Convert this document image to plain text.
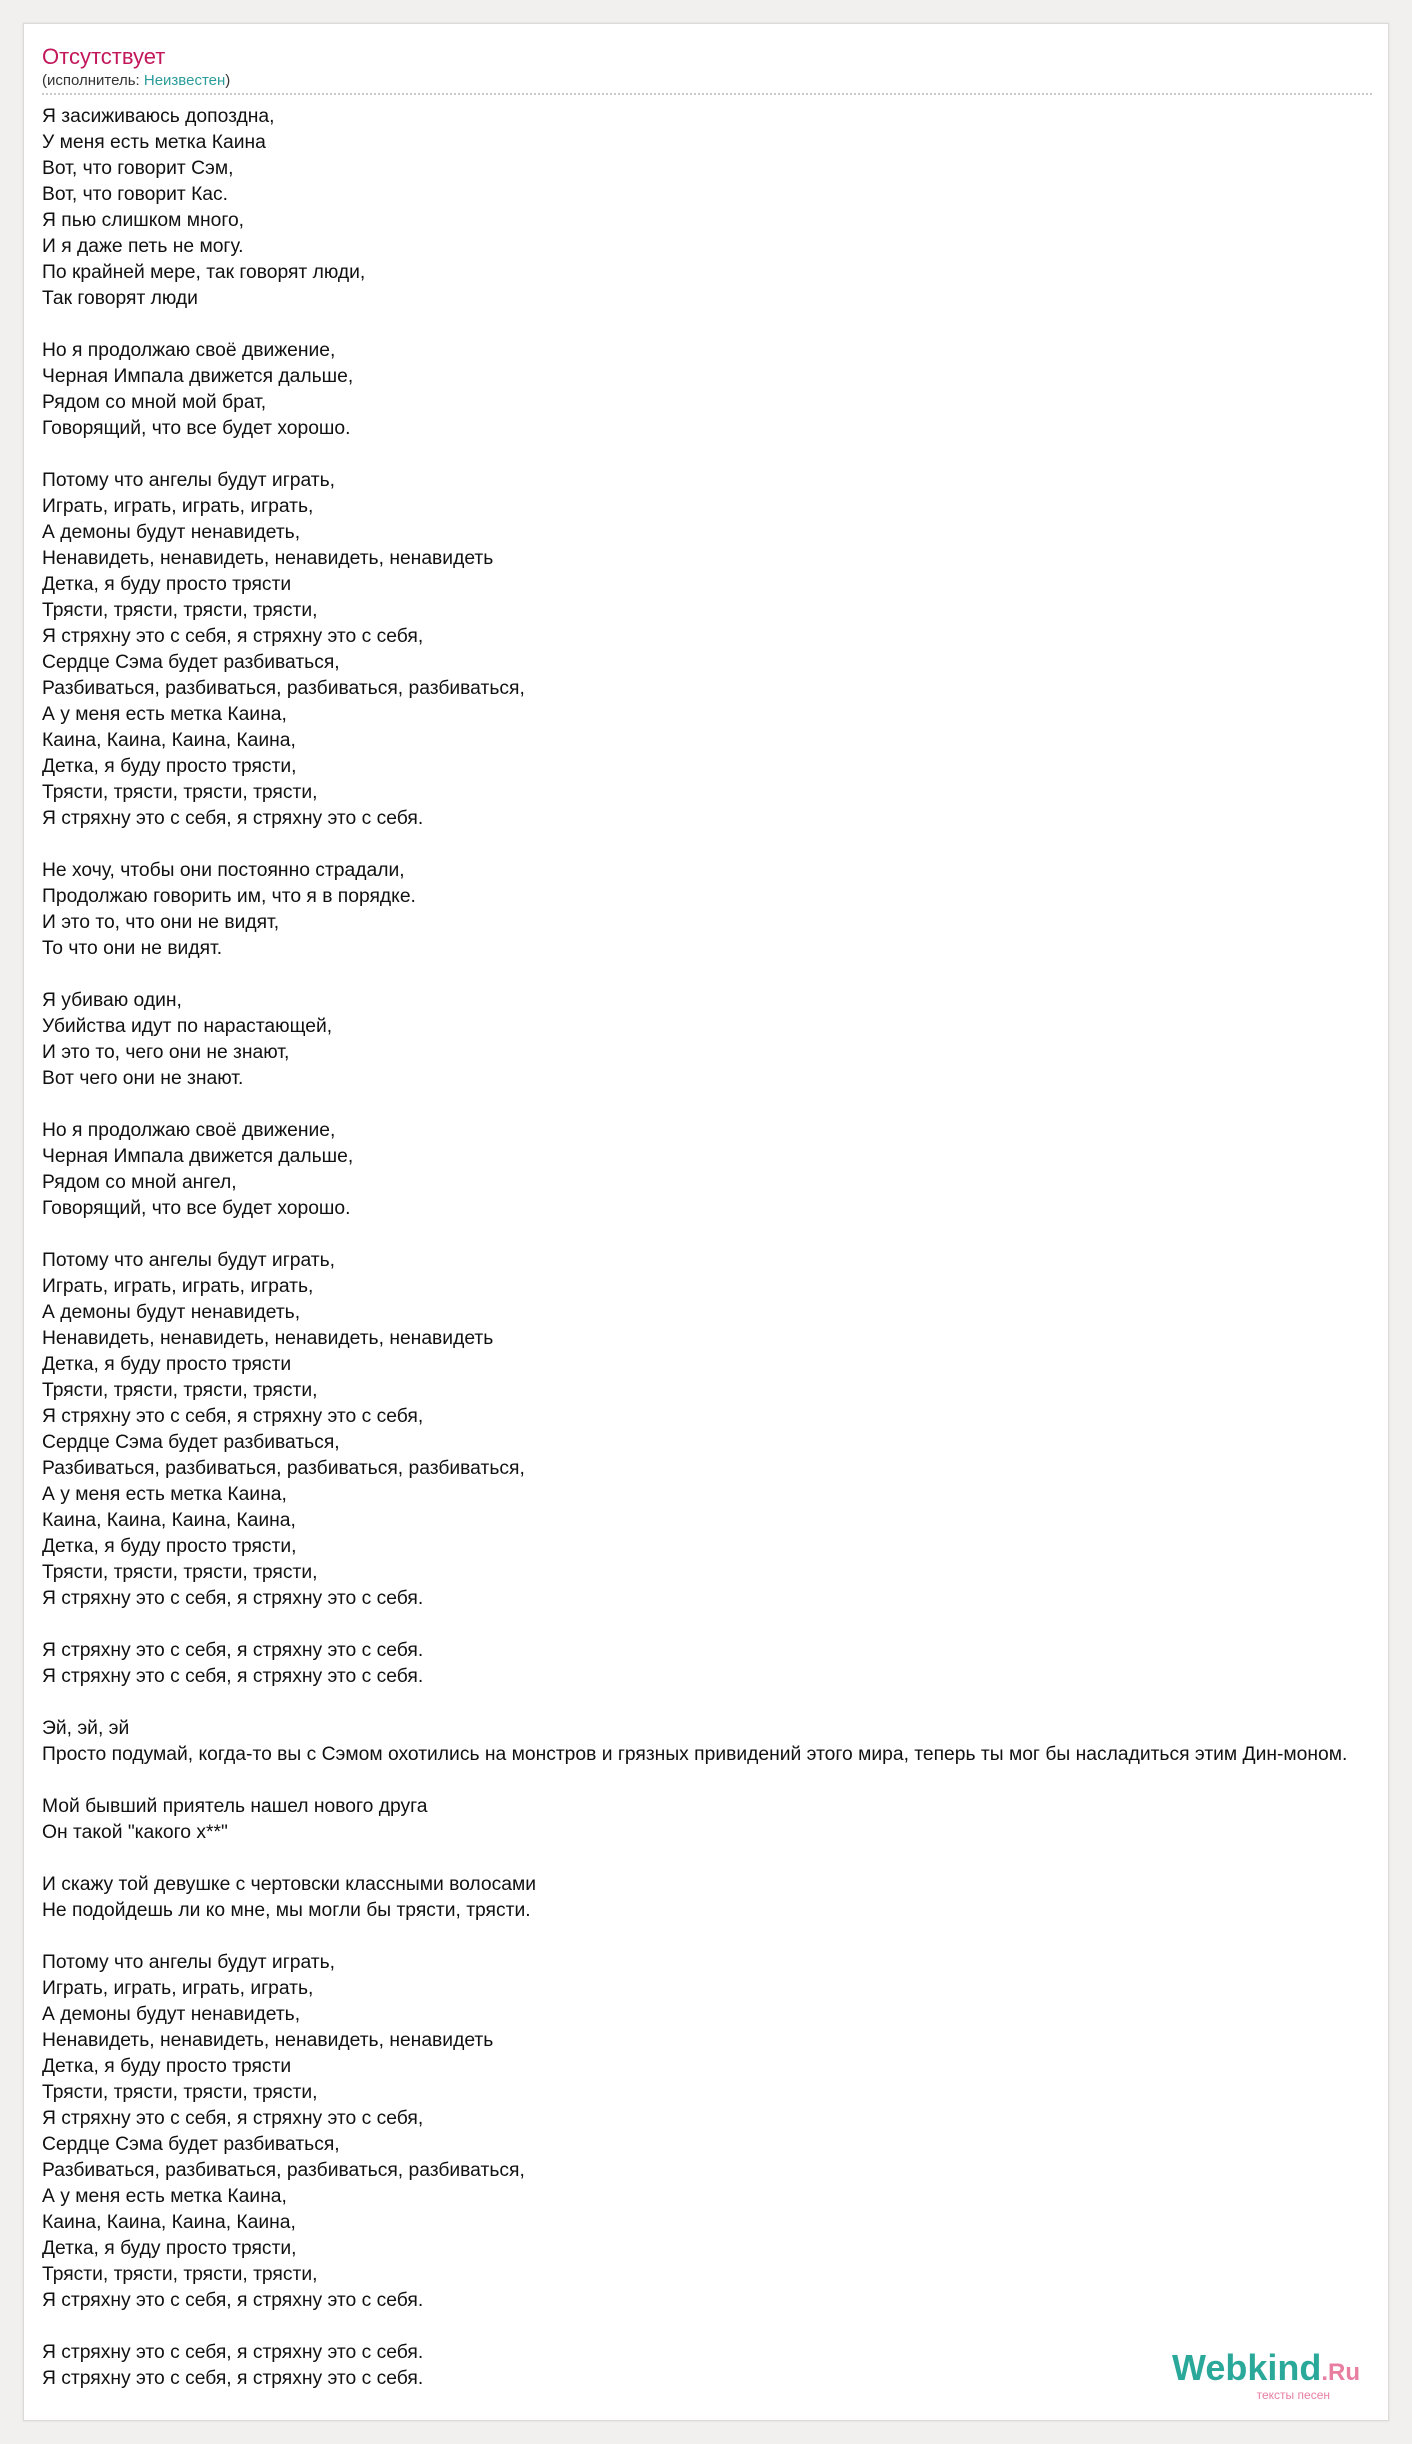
Отсутствует
(исполнитель: Неизвестен)
Я засиживаюсь допоздна,
У меня есть метка Каина
Вот, что говорит Сэм,
Вот, что говорит Кас.
Я пью слишком много,
И я даже петь не могу.
По крайней мере, так говорят люди,
Так говорят люди
Но я продолжаю своё движение,
Черная Импала движется дальше,
Рядом со мной мой брат,
Говорящий, что все будет хорошо.
Потому что ангелы будут играть,
Играть, играть, играть, играть,
А демоны будут ненавидеть,
Ненавидеть, ненавидеть, ненавидеть, ненавидеть
Детка, я буду просто трясти
Трясти, трясти, трясти, трясти,
Я стряхну это с себя, я стряхну это с себя,
Сердце Сэма будет разбиваться,
Разбиваться, разбиваться, разбиваться, разбиваться,
А у меня есть метка Каина,
Каина, Каина, Каина, Каина,
Детка, я буду просто трясти,
Трясти, трясти, трясти, трясти,
Я стряхну это с себя, я стряхну это с себя.
Не хочу, чтобы они постоянно страдали,
Продолжаю говорить им, что я в порядке.
И это то, что они не видят,
То что они не видят.
Я убиваю один,
Убийства идут по нарастающей,
И это то, чего они не знают,
Вот чего они не знают.
Но я продолжаю своё движение,
Черная Импала движется дальше,
Рядом со мной ангел,
Говорящий, что все будет хорошо.
Потому что ангелы будут играть,
Играть, играть, играть, играть,
А демоны будут ненавидеть,
Ненавидеть, ненавидеть, ненавидеть, ненавидеть
Детка, я буду просто трясти
Трясти, трясти, трясти, трясти,
Я стряхну это с себя, я стряхну это с себя,
Сердце Сэма будет разбиваться,
Разбиваться, разбиваться, разбиваться, разбиваться,
А у меня есть метка Каина,
Каина, Каина, Каина, Каина,
Детка, я буду просто трясти,
Трясти, трясти, трясти, трясти,
Я стряхну это с себя, я стряхну это с себя.
Я стряхну это с себя, я стряхну это с себя.
Я стряхну это с себя, я стряхну это с себя.
Эй, эй, эй
Просто подумай, когда-то вы с Сэмом охотились на монстров и грязных привидений этого мира, теперь ты мог бы насладиться этим Дин-моном.
Мой бывший приятель нашел нового друга
Он такой "какого х**"
И скажу той девушке с чертовски классными волосами
Не подойдешь ли ко мне, мы могли бы трясти, трясти.
Потому что ангелы будут играть,
Играть, играть, играть, играть,
А демоны будут ненавидеть,
Ненавидеть, ненавидеть, ненавидеть, ненавидеть
Детка, я буду просто трясти
Трясти, трясти, трясти, трясти,
Я стряхну это с себя, я стряхну это с себя,
Сердце Сэма будет разбиваться,
Разбиваться, разбиваться, разбиваться, разбиваться,
А у меня есть метка Каина,
Каина, Каина, Каина, Каина,
Детка, я буду просто трясти,
Трясти, трясти, трясти, трясти,
Я стряхну это с себя, я стряхну это с себя.
Я стряхну это с себя, я стряхну это с себя.
Я стряхну это с себя, я стряхну это с себя.	Webkind.Ru
тексты песен
